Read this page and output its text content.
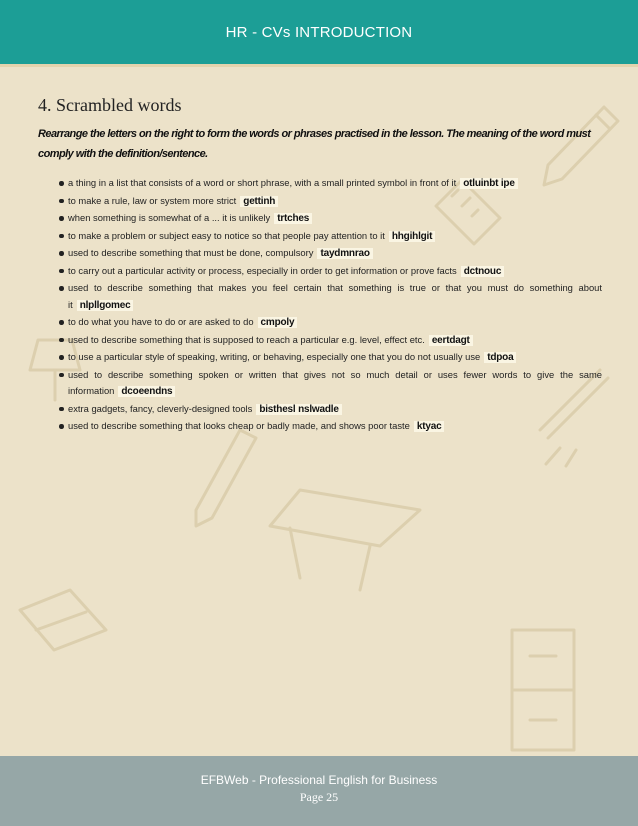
HR - CVs INTRODUCTION
4. Scrambled words
Rearrange the letters on the right to form the words or phrases practised in the lesson. The meaning of the word must comply with the definition/sentence.
a thing in a list that consists of a word or short phrase, with a small printed symbol in front of it otluinbt ipe
to make a rule, law or system more strict gettinh
when something is somewhat of a ... it is unlikely trtches
to make a problem or subject easy to notice so that people pay attention to it hhgihlgit
used to describe something that must be done, compulsory taydmnrao
to carry out a particular activity or process, especially in order to get information or prove facts dctnouc
used to describe something that makes you feel certain that something is true or that you must do something about it nlpllgomec
to do what you have to do or are asked to do cmpoly
used to describe something that is supposed to reach a particular e.g. level, effect etc. eertdagt
to use a particular style of speaking, writing, or behaving, especially one that you do not usually use tdpoa
used to describe something spoken or written that gives not so much detail or uses fewer words to give the same information dcoeendns
extra gadgets, fancy, cleverly-designed tools bisthesl nslwadle
used to describe something that looks cheap or badly made, and shows poor taste ktyac
EFBWeb - Professional English for Business
Page 25
